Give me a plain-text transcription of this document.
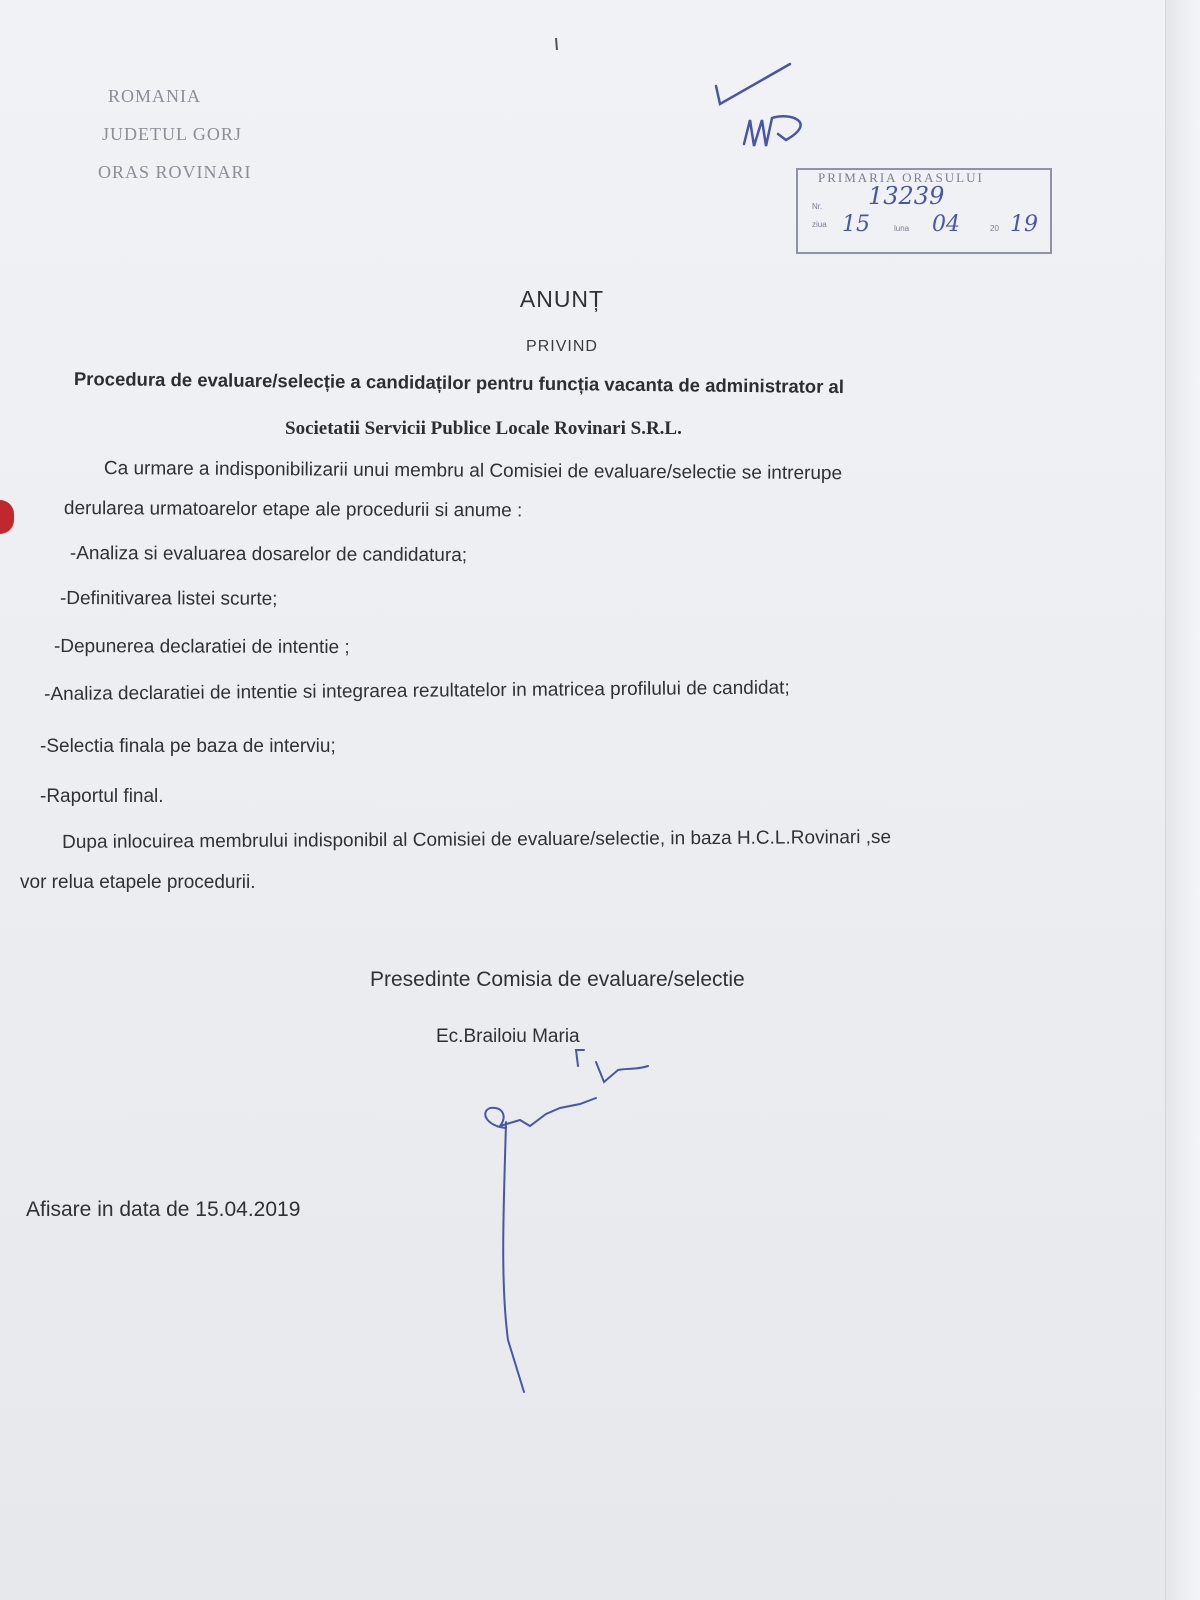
ROMANIA
JUDETUL GORJ
ORAS ROVINARI	PRIMARIA ORASULUI
Nr. 13239
ziua 15	luna 04	20 19
ANUNȚ
PRIVIND
Procedura de evaluare/selecție a candidaților pentru funcția vacanta de administrator al
Societatii Servicii Publice Locale Rovinari S.R.L.
Ca urmare a indisponibilizarii unui membru al Comisiei de evaluare/selectie se intrerupe
derularea urmatoarelor etape ale procedurii si anume :
-Analiza si evaluarea dosarelor de candidatura;
-Definitivarea listei scurte;
-Depunerea declaratiei de intentie ;
-Analiza declaratiei de intentie si integrarea rezultatelor in matricea profilului de candidat;
-Selectia finala pe baza de interviu;
-Raportul final.
Dupa inlocuirea membrului indisponibil al Comisiei de evaluare/selectie, in baza H.C.L.Rovinari ,se
vor relua etapele procedurii.
Presedinte Comisia de evaluare/selectie
Ec.Brailoiu Maria
Afisare in data de 15.04.2019
